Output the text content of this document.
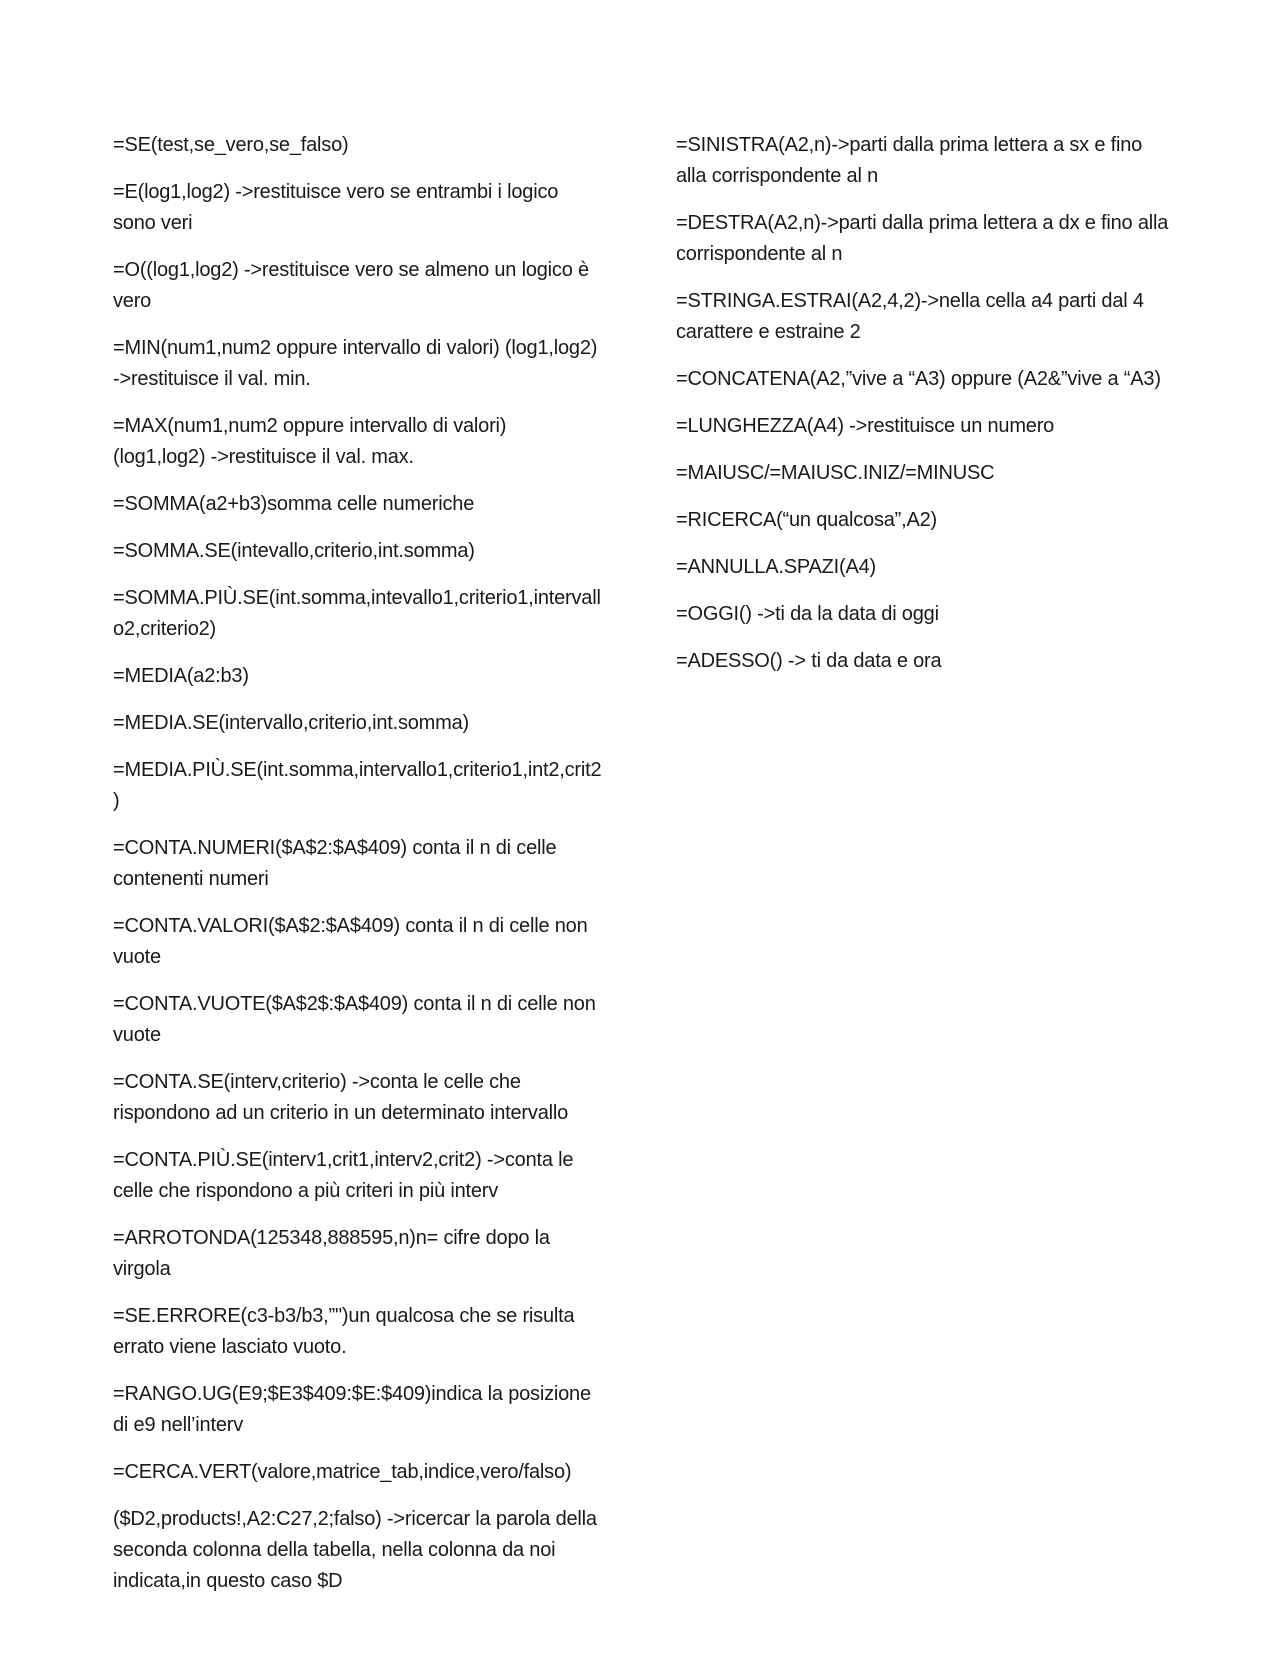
=SE(test,se_vero,se_falso)

=E(log1,log2) ->restituisce vero se entrambi i logico sono veri

=O((log1,log2) ->restituisce vero se almeno un logico è vero

=MIN(num1,num2 oppure intervallo di valori) (log1,log2) ->restituisce il val. min.

=MAX(num1,num2 oppure intervallo di valori) (log1,log2) ->restituisce il val. max.

=SOMMA(a2+b3)somma celle numeriche

=SOMMA.SE(intevallo,criterio,int.somma)

=SOMMA.PIÙ.SE(int.somma,intevallo1,criterio1,intervallo2,criterio2)

=MEDIA(a2:b3)

=MEDIA.SE(intervallo,criterio,int.somma)

=MEDIA.PIÙ.SE(int.somma,intervallo1,criterio1,int2,crit2)

=CONTA.NUMERI($A$2:$A$409) conta il n di celle contenenti numeri

=CONTA.VALORI($A$2:$A$409) conta il n di celle non vuote

=CONTA.VUOTE($A$2$:$A$409) conta il n di celle non vuote

=CONTA.SE(interv,criterio) ->conta le celle che rispondono ad un criterio in un determinato intervallo

=CONTA.PIÙ.SE(interv1,crit1,interv2,crit2) ->conta le celle che rispondono a più criteri in più interv

=ARROTONDA(125348,888595,n)n= cifre dopo la virgola

=SE.ERRORE(c3-b3/b3,”")un qualcosa che se risulta errato viene lasciato vuoto.

=RANGO.UG(E9;$E3$409:$E:$409)indica la posizione di e9 nell’interv

=CERCA.VERT(valore,matrice_tab,indice,vero/falso)

($D2,products!,A2:C27,2;falso) ->ricercar la parola della seconda colonna della tabella, nella colonna da noi indicata,in questo caso $D

=SINISTRA(A2,n)->parti dalla prima lettera a sx e fino alla corrispondente al n

=DESTRA(A2,n)->parti dalla prima lettera a dx e fino alla corrispondente al n

=STRINGA.ESTRAI(A2,4,2)->nella cella a4 parti dal 4 carattere e estraine 2

=CONCATENA(A2,”vive a “A3) oppure (A2&”vive a “A3)

=LUNGHEZZA(A4) ->restituisce un numero

=MAIUSC/=MAIUSC.INIZ/=MINUSC

=RICERCA(“un qualcosa”,A2)

=ANNULLA.SPAZI(A4)

=OGGI() ->ti da la data di oggi

=ADESSO() -> ti da data e ora
